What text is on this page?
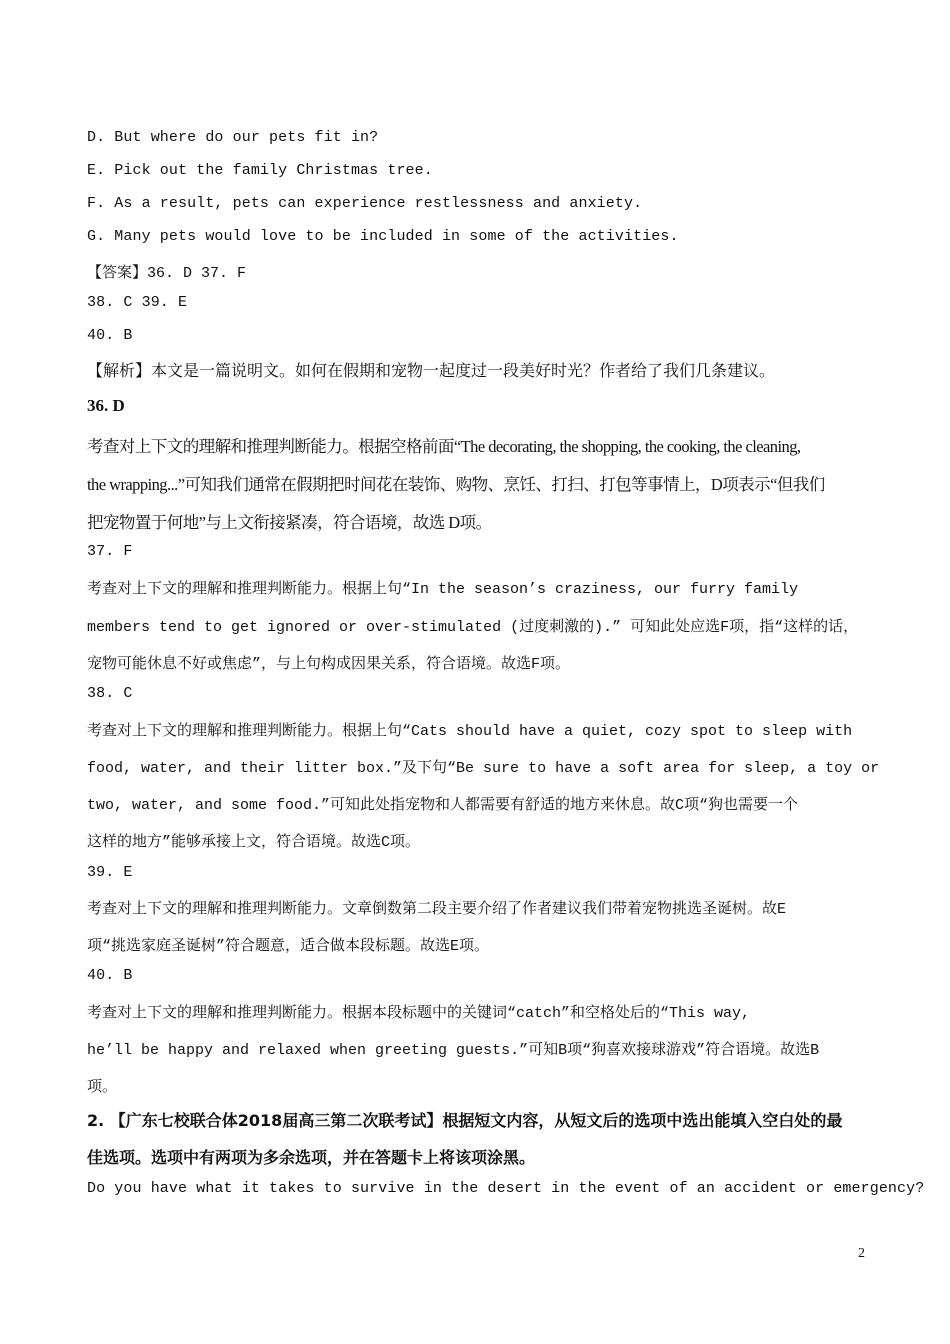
D. But where do our pets fit in?
E. Pick out the family Christmas tree.
F. As a result, pets can experience restlessness and anxiety.
G. Many pets would love to be included in some of the activities.
【答案】36. D 37. F
38. C 39. E
40. B
【解析】本文是一篇说明文。如何在假期和宠物一起度过一段美好时光？作者给了我们几条建议。
36. D
考查对上下文的理解和推理判断能力。根据空格前面“The decorating, the shopping, the cooking, the cleaning,
the wrapping...”可知我们通常在假期把时间花在装饰、购物、烹饪、打扫、打包等事情上，D项表示“但我们
把宠物置于何地”与上文衔接紧凑，符合语境，故选 D项。
37. F
考查对上下文的理解和推理判断能力。根据上句“In the season’s craziness, our furry family
members tend to get ignored or over-stimulated (过度刺激的).” 可知此处应选F项，指“这样的话，
宠物可能休息不好或焦虑”，与上句构成因果关系，符合语境。故选F项。
38. C
考查对上下文的理解和推理判断能力。根据上句“Cats should have a quiet, cozy spot to sleep with
food, water, and their litter box.”及下句“Be sure to have a soft area for sleep, a toy or
two, water, and some food.”可知此处指宠物和人都需要有舒适的地方来休息。故C项“狗也需要一个
这样的地方”能够承接上文，符合语境。故选C项。
39. E
考查对上下文的理解和推理判断能力。文章倒数第二段主要介绍了作者建议我们带着宠物挑选圣诞树。故E
项“挑选家庭圣诞树”符合题意，适合做本段标题。故选E项。
40. B
考查对上下文的理解和推理判断能力。根据本段标题中的关键词“catch”和空格处后的“This way,
he’ll be happy and relaxed when greeting guests.”可知B项“狗喜欢接球游戏”符合语境。故选B
项。
2. 【广东七校联合体2018届高三第二次联考试】根据短文内容，从短文后的选项中选出能填入空白处的最
佳选项。选项中有两项为多余选项，并在答题卡上将该项涂黑。
Do you have what it takes to survive in the desert in the event of an accident or emergency?
2
